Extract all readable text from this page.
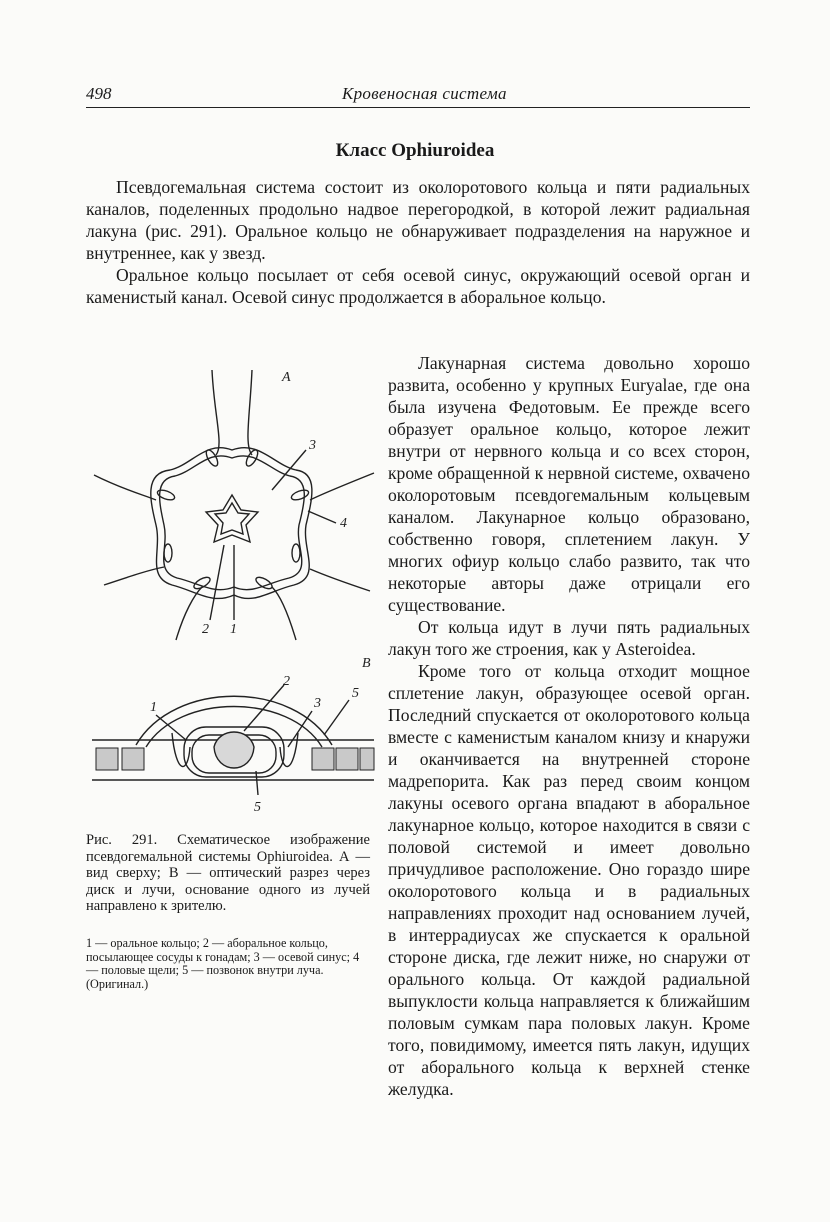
498	Кровеносная система
Класс Ophiuroidea

Псевдогемальная система состоит из околоротового кольца и пяти радиальных каналов, поделенных продольно надвое перегородкой, в которой лежит радиальная лакуна (рис. 291). Оральное кольцо не обнаруживает подразделения на наружное и внутреннее, как у звезд.

Оральное кольцо посылает от себя осевой синус, окружающий осевой орган и каменистый канал. Осевой синус продолжается в аборальное кольцо.

Лакунарная система довольно хорошо развита, особенно у крупных Euryalae, где она была изучена Федотовым. Ее прежде всего образует оральное кольцо, которое лежит внутри от нервного кольца и со всех сторон, кроме обращенной к нервной системе, охвачено околоротовым псевдогемальным кольцевым каналом. Лакунарное кольцо образовано, собственно говоря, сплетением лакун. У многих офиур кольцо слабо развито, так что некоторые авторы даже отрицали его существование.

От кольца идут в лучи пять радиальных лакун того же строения, как у Asteroidea.

Кроме того от кольца отходит мощное сплетение лакун, образующее осевой орган. Последний спускается от околоротового кольца вместе с каменистым каналом книзу и кнаружи и оканчивается на внутренней стороне мадрепорита. Как раз перед своим концом лакуны осевого органа впадают в аборальное лакунарное кольцо, которое находится в связи с половой системой и имеет довольно причудливое расположение. Оно гораздо шире околоротового кольца и в радиальных направлениях проходит над основанием лучей, в интеррадиусах же спускается к оральной стороне диска, где лежит ниже, но снаружи от орального кольца. От каждой радиальной выпуклости кольца направляется к ближайшим половым сумкам пара половых лакун. Кроме того, повидимому, имеется пять лакун, идущих от аборального кольца к верхней стенке желудка.

А
3
4
2 1
В
2
1	3
5
5
Рис. 291. Схематическое изображение псевдогемальной системы Ophiuroidea. А — вид сверху; В — оптический разрез через диск и лучи, основание одного из лучей направлено к зрителю.
1 — оральное кольцо; 2 — аборальное кольцо, посылающее сосуды к гонадам; 3 — осевой синус; 4 — половые щели; 5 — позвонок внутри луча. (Оригинал.)
